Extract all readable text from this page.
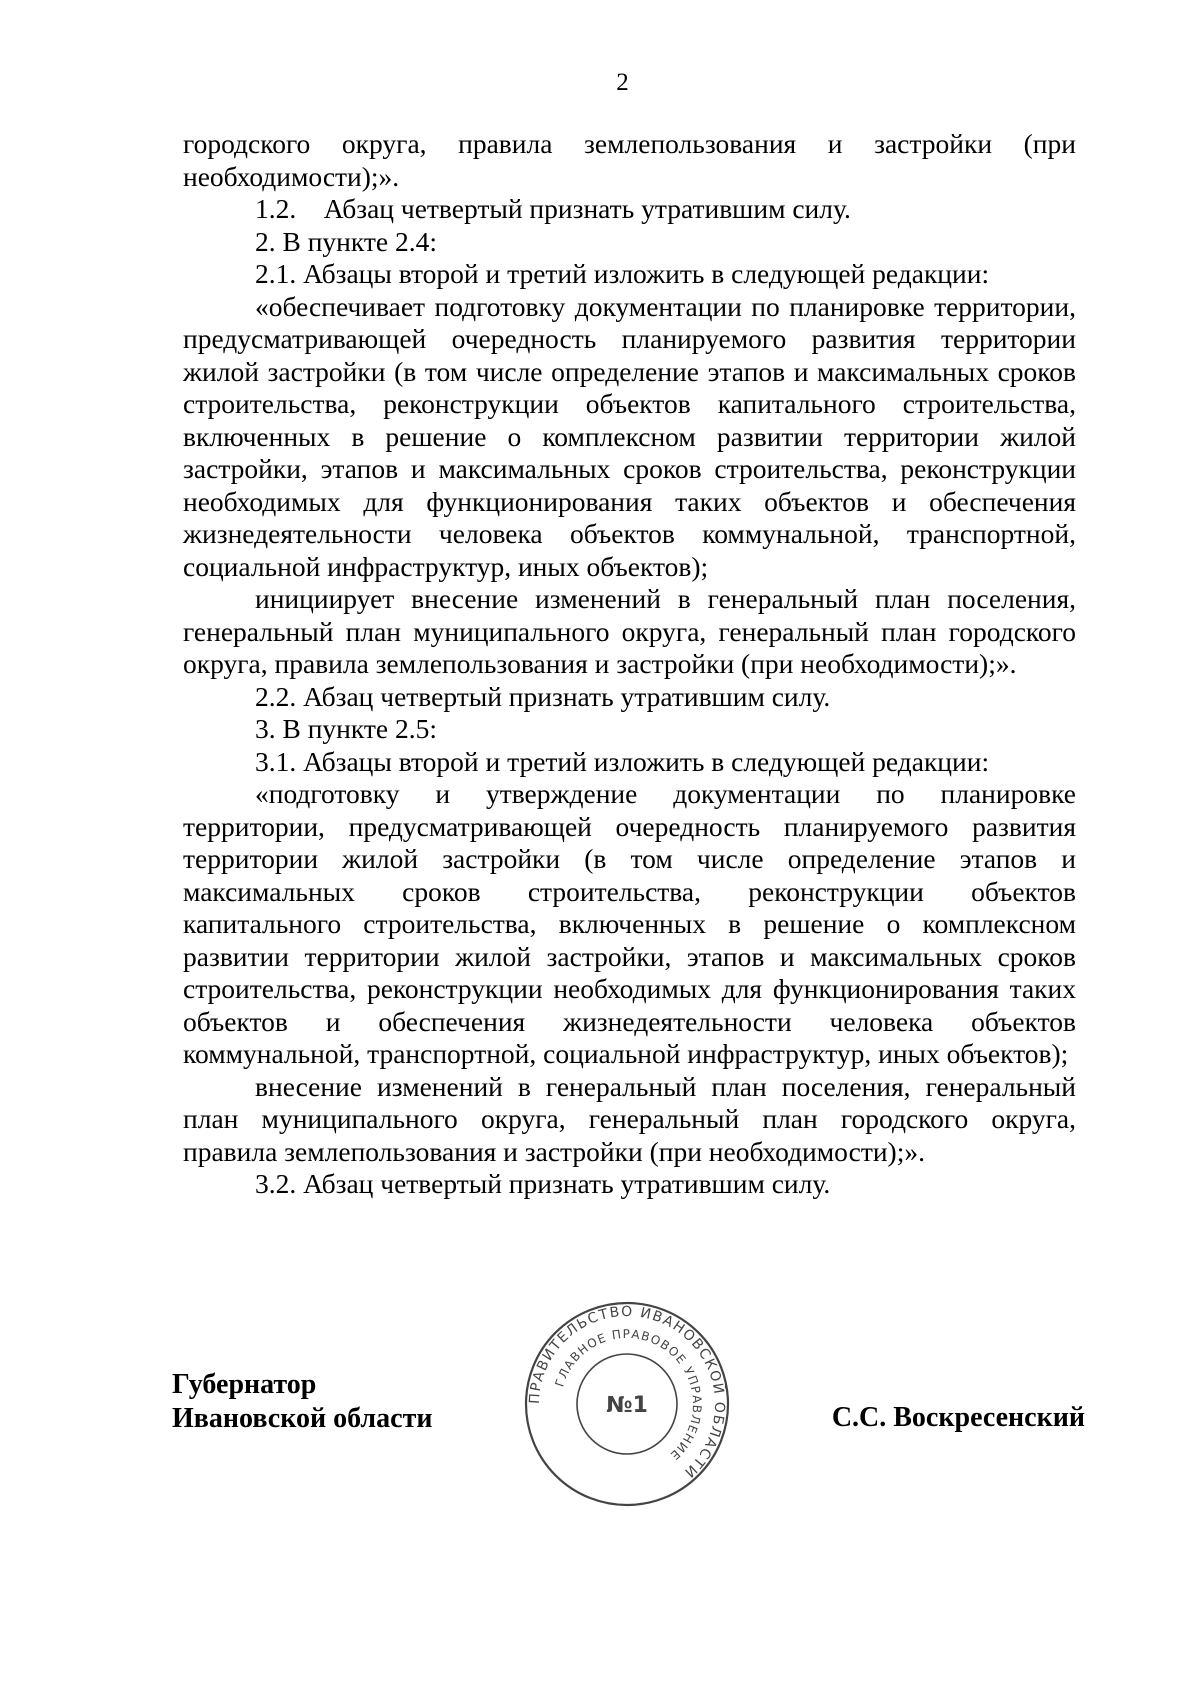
2

городского округа, правила землепользования и застройки (при необходимости);».

1.2. Абзац четвертый признать утратившим силу.

2. В пункте 2.4:

2.1. Абзацы второй и третий изложить в следующей редакции:

«обеспечивает подготовку документации по планировке территории, предусматривающей очередность планируемого развития территории жилой застройки (в том числе определение этапов и максимальных сроков строительства, реконструкции объектов капитального строительства, включенных в решение о комплексном развитии территории жилой застройки, этапов и максимальных сроков строительства, реконструкции необходимых для функционирования таких объектов и обеспечения жизнедеятельности человека объектов коммунальной, транспортной, социальной инфраструктур, иных объектов);

инициирует внесение изменений в генеральный план поселения, генеральный план муниципального округа, генеральный план городского округа, правила землепользования и застройки (при необходимости);».

2.2. Абзац четвертый признать утратившим силу.

3. В пункте 2.5:

3.1. Абзацы второй и третий изложить в следующей редакции:

«подготовку и утверждение документации по планировке территории, предусматривающей очередность планируемого развития территории жилой застройки (в том числе определение этапов и максимальных сроков строительства, реконструкции объектов капитального строительства, включенных в решение о комплексном развитии территории жилой застройки, этапов и максимальных сроков строительства, реконструкции необходимых для функционирования таких объектов и обеспечения жизнедеятельности человека объектов коммунальной, транспортной, социальной инфраструктур, иных объектов);

внесение изменений в генеральный план поселения, генеральный план муниципального округа, генеральный план городского округа, правила землепользования и застройки (при необходимости);».

3.2. Абзац четвертый признать утратившим силу.

Губернатор
Ивановской области	С.С. Воскресенский
ПРАВИТЕЛЬСТВО ИВАНОВСКОЙ ОБЛАСТИ
ГЛАВНОЕ ПРАВОВОЕ УПРАВЛЕНИЕ
№1
